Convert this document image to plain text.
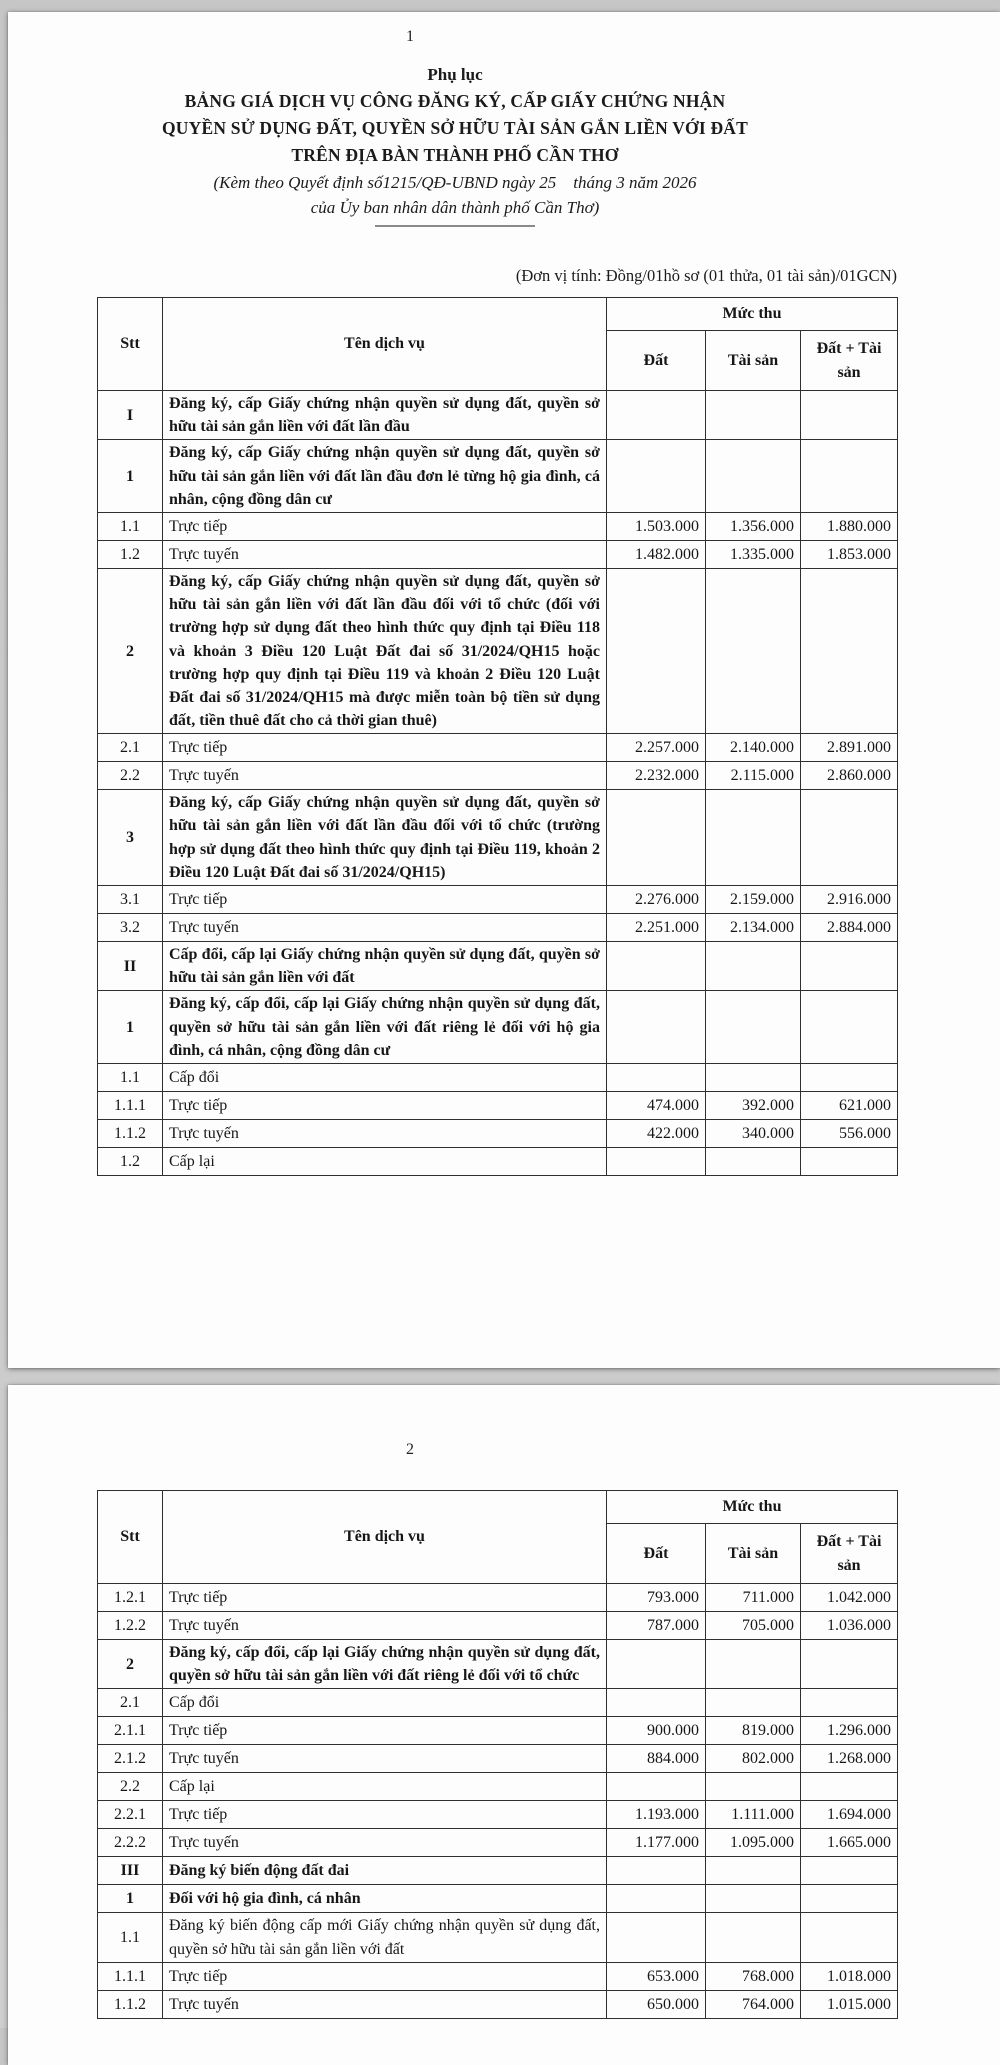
1
Phụ lục
BẢNG GIÁ DỊCH VỤ CÔNG ĐĂNG KÝ, CẤP GIẤY CHỨNG NHẬN
QUYỀN SỬ DỤNG ĐẤT, QUYỀN SỞ HỮU TÀI SẢN GẮN LIỀN VỚI ĐẤT
TRÊN ĐỊA BÀN THÀNH PHỐ CẦN THƠ
(Kèm theo Quyết định số1215/QĐ-UBND ngày 25    tháng 3 năm 2026
của Ủy ban nhân dân thành phố Cần Thơ)
(Đơn vị tính: Đồng/01hồ sơ (01 thửa, 01 tài sản)/01GCN)
Stt	Tên dịch vụ	Mức thu		
		Đất	Tài sản	Đất + Tài sản
I	Đăng ký, cấp Giấy chứng nhận quyền sử dụng đất, quyền sở hữu tài sản gắn liền với đất lần đầu			
1	Đăng ký, cấp Giấy chứng nhận quyền sử dụng đất, quyền sở hữu tài sản gắn liền với đất lần đầu đơn lẻ từng hộ gia đình, cá nhân, cộng đồng dân cư			
1.1	Trực tiếp	1.503.000	1.356.000	1.880.000
1.2	Trực tuyến	1.482.000	1.335.000	1.853.000
2	Đăng ký, cấp Giấy chứng nhận quyền sử dụng đất, quyền sở hữu tài sản gắn liền với đất lần đầu đối với tổ chức (đối với trường hợp sử dụng đất theo hình thức quy định tại Điều 118 và khoản 3 Điều 120 Luật Đất đai số 31/2024/QH15 hoặc trường hợp quy định tại Điều 119 và khoản 2 Điều 120 Luật Đất đai số 31/2024/QH15 mà được miễn toàn bộ tiền sử dụng đất, tiền thuê đất cho cả thời gian thuê)			
2.1	Trực tiếp	2.257.000	2.140.000	2.891.000
2.2	Trực tuyến	2.232.000	2.115.000	2.860.000
3	Đăng ký, cấp Giấy chứng nhận quyền sử dụng đất, quyền sở hữu tài sản gắn liền với đất lần đầu đối với tổ chức (trường hợp sử dụng đất theo hình thức quy định tại Điều 119, khoản 2 Điều 120 Luật Đất đai số 31/2024/QH15)			
3.1	Trực tiếp	2.276.000	2.159.000	2.916.000
3.2	Trực tuyến	2.251.000	2.134.000	2.884.000
II	Cấp đổi, cấp lại Giấy chứng nhận quyền sử dụng đất, quyền sở hữu tài sản gắn liền với đất			
1	Đăng ký, cấp đổi, cấp lại Giấy chứng nhận quyền sử dụng đất, quyền sở hữu tài sản gắn liền với đất riêng lẻ đối với hộ gia đình, cá nhân, cộng đồng dân cư			
1.1	Cấp đổi			
1.1.1	Trực tiếp	474.000	392.000	621.000
1.1.2	Trực tuyến	422.000	340.000	556.000
1.2	Cấp lại			
2
Stt	Tên dịch vụ	Mức thu		
		Đất	Tài sản	Đất + Tài sản
1.2.1	Trực tiếp	793.000	711.000	1.042.000
1.2.2	Trực tuyến	787.000	705.000	1.036.000
2	Đăng ký, cấp đổi, cấp lại Giấy chứng nhận quyền sử dụng đất, quyền sở hữu tài sản gắn liền với đất riêng lẻ đối với tổ chức			
2.1	Cấp đổi			
2.1.1	Trực tiếp	900.000	819.000	1.296.000
2.1.2	Trực tuyến	884.000	802.000	1.268.000
2.2	Cấp lại			
2.2.1	Trực tiếp	1.193.000	1.111.000	1.694.000
2.2.2	Trực tuyến	1.177.000	1.095.000	1.665.000
III	Đăng ký biến động đất đai			
1	Đối với hộ gia đình, cá nhân			
1.1	Đăng ký biến động cấp mới Giấy chứng nhận quyền sử dụng đất, quyền sở hữu tài sản gắn liền với đất			
1.1.1	Trực tiếp	653.000	768.000	1.018.000
1.1.2	Trực tuyến	650.000	764.000	1.015.000
